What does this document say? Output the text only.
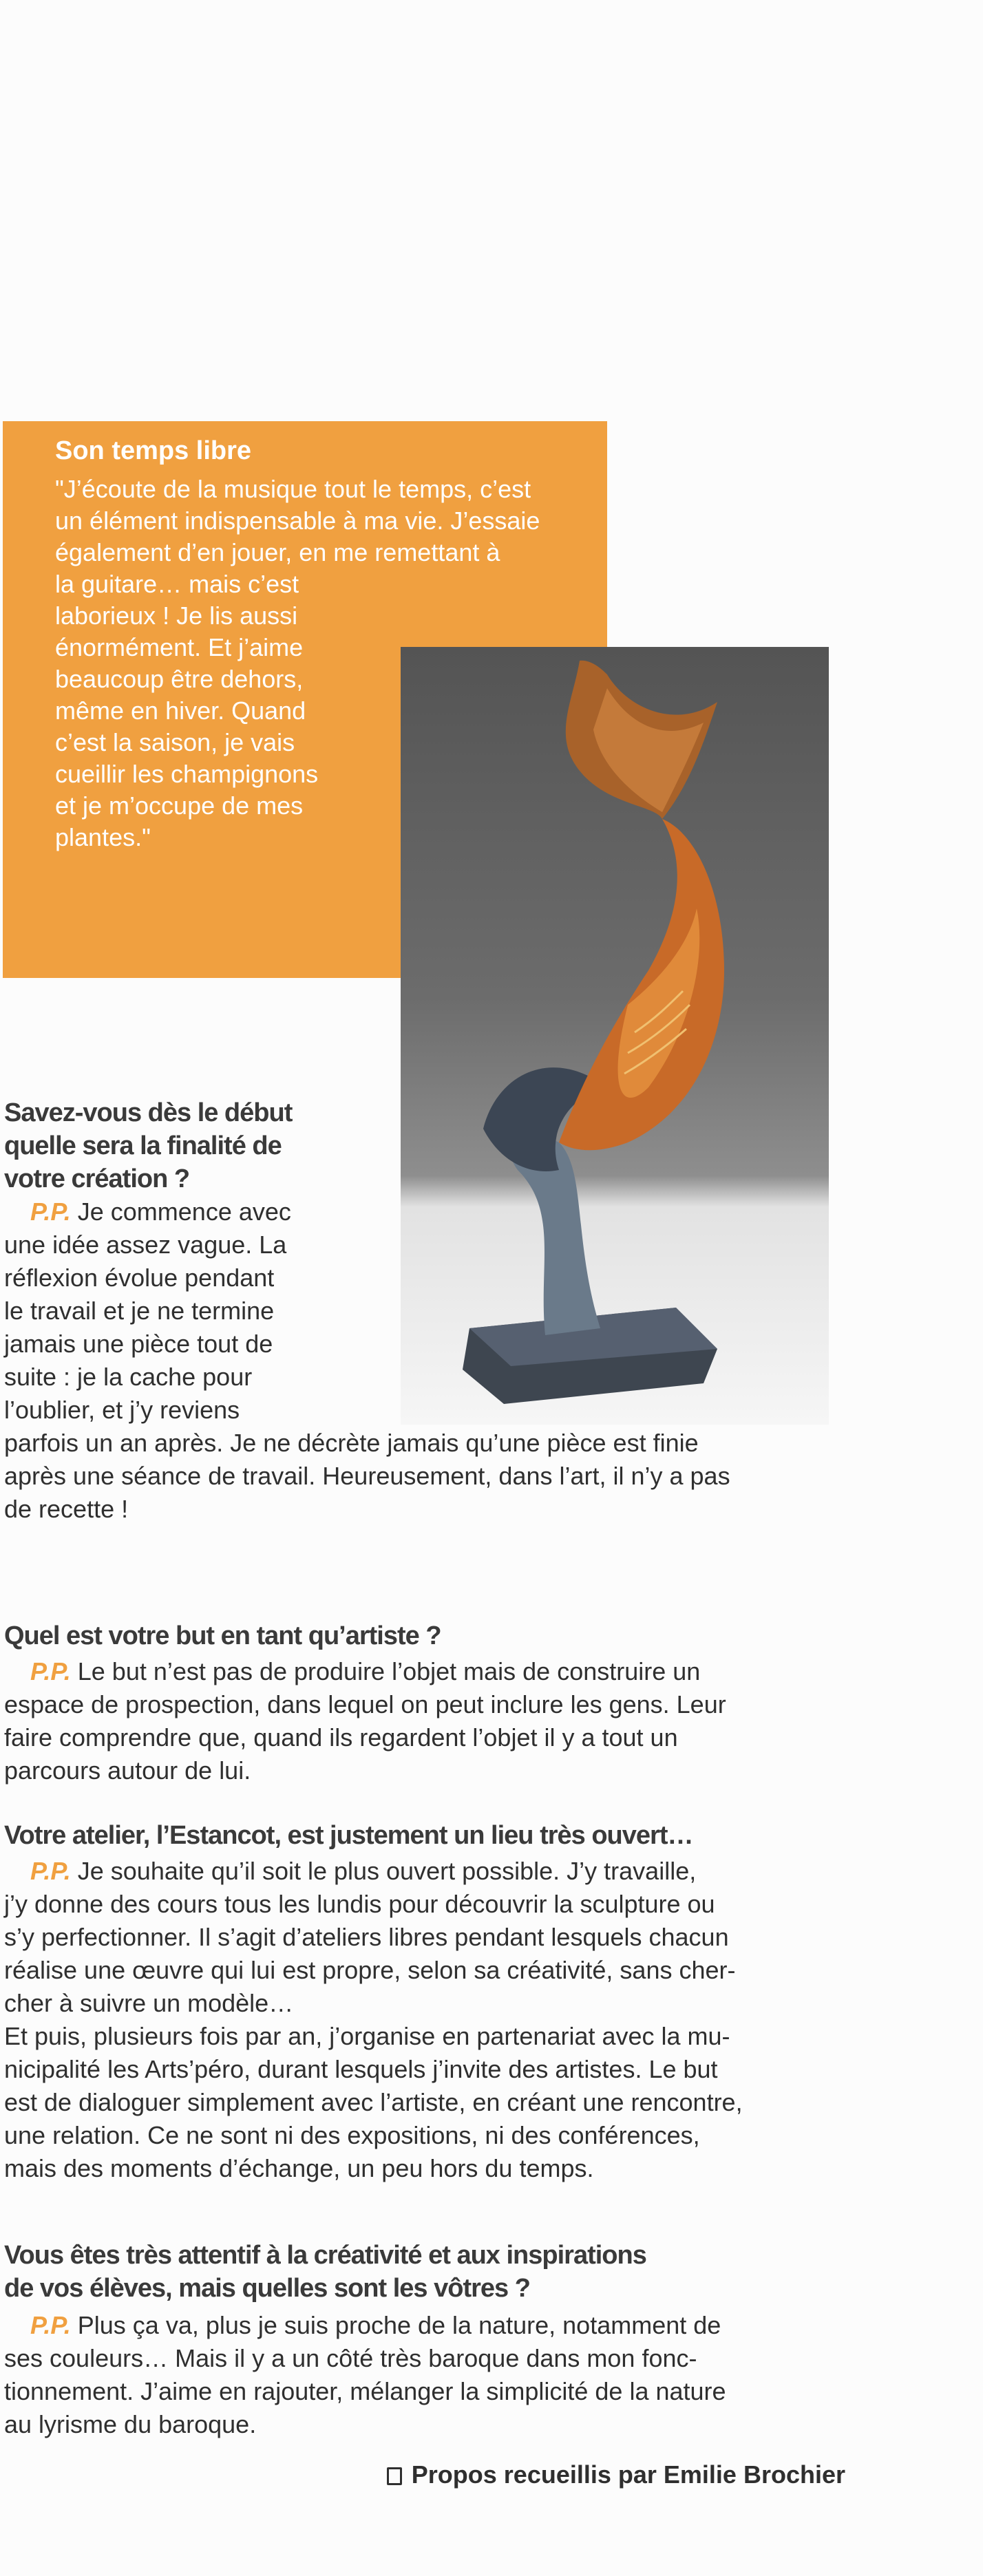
Son temps libre
"J’écoute de la musique tout le temps, c’est
un élément indispensable à ma vie. J’essaie
également d’en jouer, en me remettant à
la guitare… mais c’est
laborieux ! Je lis aussi
énormément. Et j’aime
beaucoup être dehors,
même en hiver. Quand
c’est la saison, je vais
cueillir les champignons
et je m’occupe de mes
plantes."
Savez-vous dès le début
quelle sera la finalité de
votre création ?
P.P. Je commence avec
une idée assez vague. La
réflexion évolue pendant
le travail et je ne termine
jamais une pièce tout de
suite : je la cache pour
l’oublier, et j’y reviens
parfois un an après. Je ne décrète jamais qu’une pièce est finie
après une séance de travail. Heureusement, dans l’art, il n’y a pas
de recette !
Quel est votre but en tant qu’artiste ?
P.P. Le but n’est pas de produire l’objet mais de construire un
espace de prospection, dans lequel on peut inclure les gens. Leur
faire comprendre que, quand ils regardent l’objet il y a tout un
parcours autour de lui.
Votre atelier, l’Estancot, est justement un lieu très ouvert…
P.P. Je souhaite qu’il soit le plus ouvert possible. J’y travaille,
j’y donne des cours tous les lundis pour découvrir la sculpture ou
s’y perfectionner. Il s’agit d’ateliers libres pendant lesquels chacun
réalise une œuvre qui lui est propre, selon sa créativité, sans cher-
cher à suivre un modèle…
Et puis, plusieurs fois par an, j’organise en partenariat avec la mu-
nicipalité les Arts’péro, durant lesquels j’invite des artistes. Le but
est de dialoguer simplement avec l’artiste, en créant une rencontre,
une relation. Ce ne sont ni des expositions, ni des conférences,
mais des moments d’échange, un peu hors du temps.
Vous êtes très attentif à la créativité et aux inspirations
de vos élèves, mais quelles sont les vôtres ?
P.P. Plus ça va, plus je suis proche de la nature, notamment de
ses couleurs… Mais il y a un côté très baroque dans mon fonc-
tionnement. J’aime en rajouter, mélanger la simplicité de la nature
au lyrisme du baroque.
Propos recueillis par Emilie Brochier
